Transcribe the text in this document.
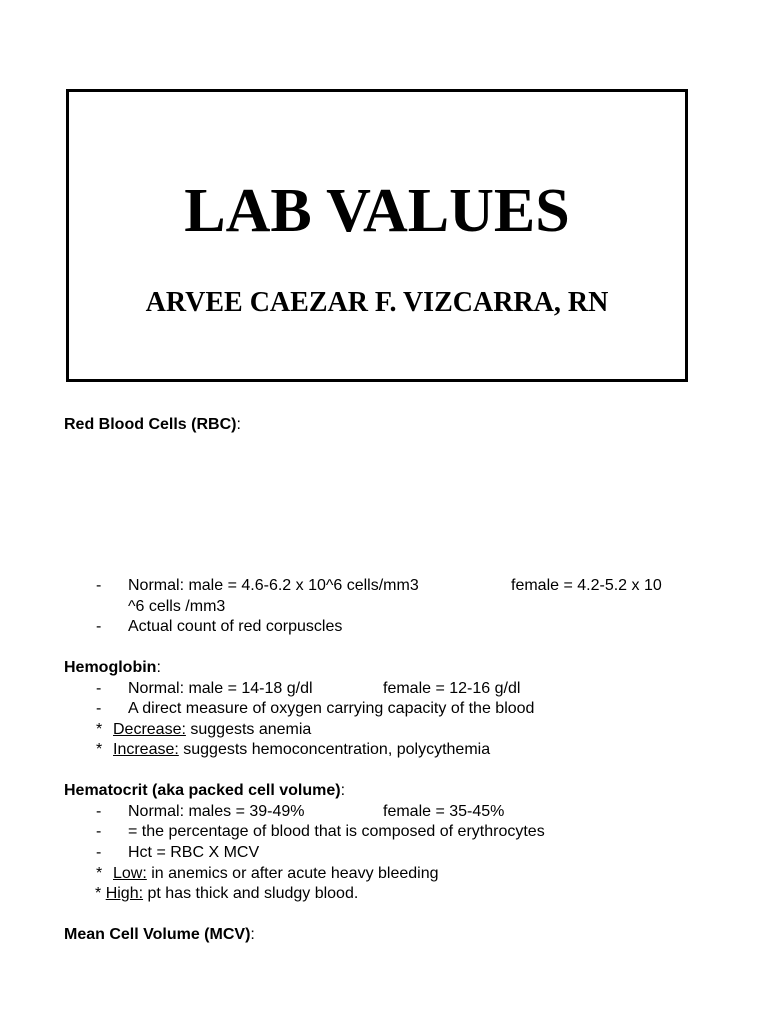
LAB VALUES
ARVEE CAEZAR F. VIZCARRA, RN
Red Blood Cells (RBC):
- Normal: male = 4.6-6.2 x 10^6 cells/mm3	female = 4.2-5.2 x 10
^6 cells /mm3
- Actual count of red corpuscles
Hemoglobin:
- Normal: male = 14-18 g/dl	female = 12-16 g/dl
- A direct measure of oxygen carrying capacity of the blood
* Decrease: suggests anemia
* Increase: suggests hemoconcentration, polycythemia
Hematocrit (aka packed cell volume):
- Normal: males = 39-49%	female = 35-45%
- = the percentage of blood that is composed of erythrocytes
- Hct = RBC X MCV
* Low: in anemics or after acute heavy bleeding
* High: pt has thick and sludgy blood.
Mean Cell Volume (MCV):
